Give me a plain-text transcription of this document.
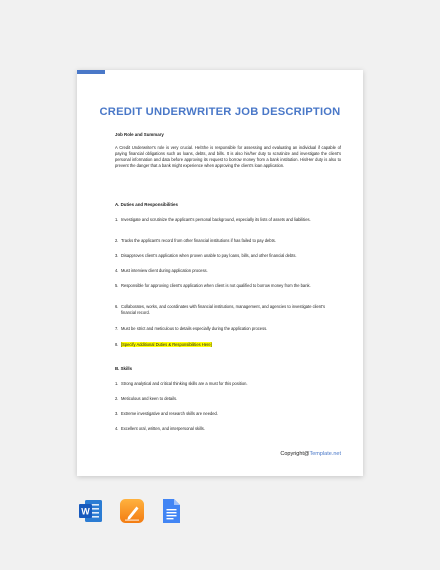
CREDIT UNDERWRITER JOB DESCRIPTION
Job Role and Summary
A Credit Underwriter's role is very crucial. He/She is responsible for assessing and evaluating an individual if capable of paying financial obligations such as loans, debts, and bills. It is also his/her duty to scrutinize and investigate the client's personal information and data before approving its request to borrow money from a bank institution. His/Her duty is also to prevent the danger that a bank might experience when approving the client's loan application.
A. Duties and Responsibilities
1. Investigate and scrutinize the applicant's personal background, especially its lists of assets and liabilities.
2. Tracks the applicant's record from other financial institutions if has failed to pay debts.
3. Disapproves client's application when proven unable to pay loans, bills, and other financial debts.
4. Must interview client during application process.
5. Responsible for approving client's application when client is not qualified to borrow money from the bank.
6. Collaborates, works, and coordinates with financial institutions, management, and agencies to investigate client's financial record.
7. Must be strict and meticulous to details especially during the application process.
8. [Specify Additional Duties & Responsibilities Here]
B. Skills
1. Strong analytical and critical thinking skills are a must for this position.
2. Meticulous and keen to details.
3. Extreme investigative and research skills are needed.
4. Excellent oral, written, and interpersonal skills.
Copyright@Template.net
W
